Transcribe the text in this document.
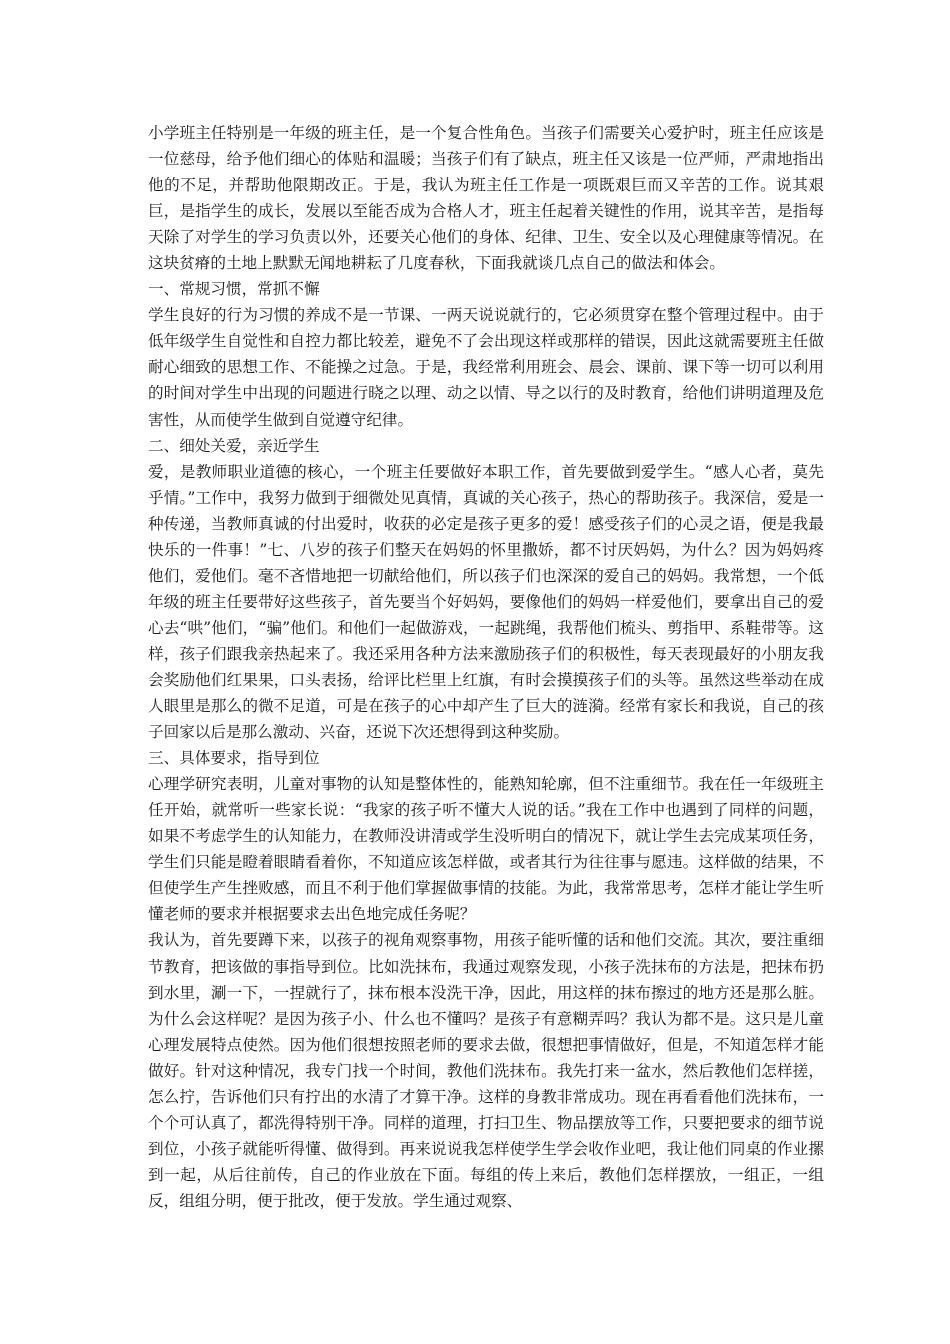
小学班主任特别是一年级的班主任，是一个复合性角色。当孩子们需要关心爱护时，班主任应该是一位慈母，给予他们细心的体贴和温暖；当孩子们有了缺点，班主任又该是一位严师，严肃地指出他的不足，并帮助他限期改正。于是，我认为班主任工作是一项既艰巨而又辛苦的工作。说其艰巨，是指学生的成长，发展以至能否成为合格人才，班主任起着关键性的作用，说其辛苦，是指每天除了对学生的学习负责以外，还要关心他们的身体、纪律、卫生、安全以及心理健康等情况。在这块贫瘠的土地上默默无闻地耕耘了几度春秋，下面我就谈几点自己的做法和体会。

一、常规习惯，常抓不懈

学生良好的行为习惯的养成不是一节课、一两天说说就行的，它必须贯穿在整个管理过程中。由于低年级学生自觉性和自控力都比较差，避免不了会出现这样或那样的错误，因此这就需要班主任做耐心细致的思想工作、不能操之过急。于是，我经常利用班会、晨会、课前、课下等一切可以利用的时间对学生中出现的问题进行晓之以理、动之以情、导之以行的及时教育，给他们讲明道理及危害性，从而使学生做到自觉遵守纪律。

二、细处关爱，亲近学生

爱，是教师职业道德的核心，一个班主任要做好本职工作，首先要做到爱学生。“感人心者，莫先乎情。”工作中，我努力做到于细微处见真情，真诚的关心孩子，热心的帮助孩子。我深信，爱是一种传递，当教师真诚的付出爱时，收获的必定是孩子更多的爱！感受孩子们的心灵之语，便是我最快乐的一件事！”七、八岁的孩子们整天在妈妈的怀里撒娇，都不讨厌妈妈，为什么？因为妈妈疼他们，爱他们。毫不吝惜地把一切献给他们，所以孩子们也深深的爱自己的妈妈。我常想，一个低年级的班主任要带好这些孩子，首先要当个好妈妈，要像他们的妈妈一样爱他们，要拿出自己的爱心去“哄”他们，“骗”他们。和他们一起做游戏，一起跳绳，我帮他们梳头、剪指甲、系鞋带等。这样，孩子们跟我亲热起来了。我还采用各种方法来激励孩子们的积极性，每天表现最好的小朋友我会奖励他们红果果，口头表扬，给评比栏里上红旗，有时会摸摸孩子们的头等。虽然这些举动在成人眼里是那么的微不足道，可是在孩子的心中却产生了巨大的涟漪。经常有家长和我说，自己的孩子回家以后是那么激动、兴奋，还说下次还想得到这种奖励。

三、具体要求，指导到位

心理学研究表明，儿童对事物的认知是整体性的，能熟知轮廓，但不注重细节。我在任一年级班主任开始，就常听一些家长说：“我家的孩子听不懂大人说的话。”我在工作中也遇到了同样的问题，如果不考虑学生的认知能力，在教师没讲清或学生没听明白的情况下，就让学生去完成某项任务，学生们只能是瞪着眼睛看着你，不知道应该怎样做，或者其行为往往事与愿违。这样做的结果，不但使学生产生挫败感，而且不利于他们掌握做事情的技能。为此，我常常思考，怎样才能让学生听懂老师的要求并根据要求去出色地完成任务呢？

我认为，首先要蹲下来，以孩子的视角观察事物，用孩子能听懂的话和他们交流。其次，要注重细节教育，把该做的事指导到位。比如洗抹布，我通过观察发现，小孩子洗抹布的方法是，把抹布扔到水里，涮一下，一捏就行了，抹布根本没洗干净，因此，用这样的抹布擦过的地方还是那么脏。为什么会这样呢？是因为孩子小、什么也不懂吗？是孩子有意糊弄吗？我认为都不是。这只是儿童心理发展特点使然。因为他们很想按照老师的要求去做，很想把事情做好，但是，不知道怎样才能做好。针对这种情况，我专门找一个时间，教他们洗抹布。我先打来一盆水，然后教他们怎样搓，怎么拧，告诉他们只有拧出的水清了才算干净。这样的身教非常成功。现在再看看他们洗抹布，一个个可认真了，都洗得特别干净。同样的道理，打扫卫生、物品摆放等工作，只要把要求的细节说到位，小孩子就能听得懂、做得到。再来说说我怎样使学生学会收作业吧，我让他们同桌的作业摞到一起，从后往前传，自己的作业放在下面。每组的传上来后，教他们怎样摆放，一组正，一组反，组组分明，便于批改，便于发放。学生通过观察、
